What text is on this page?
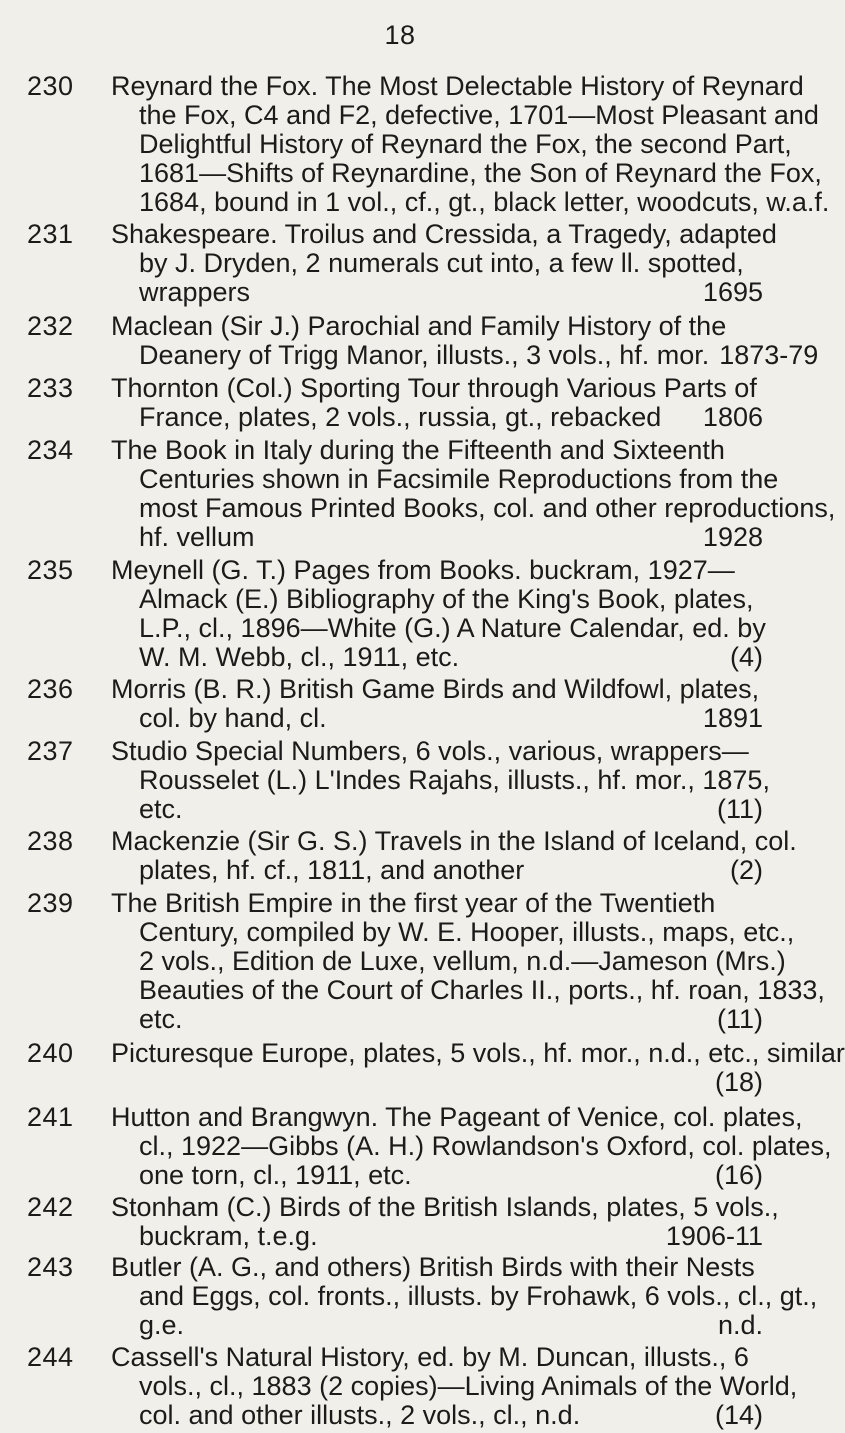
18
230 Reynard the Fox. The Most Delectable History of Reynard
the Fox, C4 and F2, defective, 1701—Most Pleasant and
Delightful History of Reynard the Fox, the second Part,
1681—Shifts of Reynardine, the Son of Reynard the Fox,
1684, bound in 1 vol., cf., gt., black letter, woodcuts, w.a.f.
231 Shakespeare. Troilus and Cressida, a Tragedy, adapted
by J. Dryden, 2 numerals cut into, a few ll. spotted,
wrappers	1695
232 Maclean (Sir J.) Parochial and Family History of the
Deanery of Trigg Manor, illusts., 3 vols., hf. mor. 1873-79
233 Thornton (Col.) Sporting Tour through Various Parts of
France, plates, 2 vols., russia, gt., rebacked	1806
234 The Book in Italy during the Fifteenth and Sixteenth
Centuries shown in Facsimile Reproductions from the
most Famous Printed Books, col. and other reproductions,
hf. vellum	1928
235 Meynell (G. T.) Pages from Books. buckram, 1927—
Almack (E.) Bibliography of the King's Book, plates,
L.P., cl., 1896—White (G.) A Nature Calendar, ed. by
W. M. Webb, cl., 1911, etc.	(4)
236 Morris (B. R.) British Game Birds and Wildfowl, plates,
col. by hand, cl.	1891
237 Studio Special Numbers, 6 vols., various, wrappers—
Rousselet (L.) L'Indes Rajahs, illusts., hf. mor., 1875,
etc.	(11)
238 Mackenzie (Sir G. S.) Travels in the Island of Iceland, col.
plates, hf. cf., 1811, and another	(2)
239 The British Empire in the first year of the Twentieth
Century, compiled by W. E. Hooper, illusts., maps, etc.,
2 vols., Edition de Luxe, vellum, n.d.—Jameson (Mrs.)
Beauties of the Court of Charles II., ports., hf. roan, 1833,
etc.	(11)
240 Picturesque Europe, plates, 5 vols., hf. mor., n.d., etc., similar
(18)
241 Hutton and Brangwyn. The Pageant of Venice, col. plates,
cl., 1922—Gibbs (A. H.) Rowlandson's Oxford, col. plates,
one torn, cl., 1911, etc.	(16)
242 Stonham (C.) Birds of the British Islands, plates, 5 vols.,
buckram, t.e.g.	1906-11
243 Butler (A. G., and others) British Birds with their Nests
and Eggs, col. fronts., illusts. by Frohawk, 6 vols., cl., gt.,
g.e.	n.d.
244 Cassell's Natural History, ed. by M. Duncan, illusts., 6
vols., cl., 1883 (2 copies)—Living Animals of the World,
col. and other illusts., 2 vols., cl., n.d.	(14)
